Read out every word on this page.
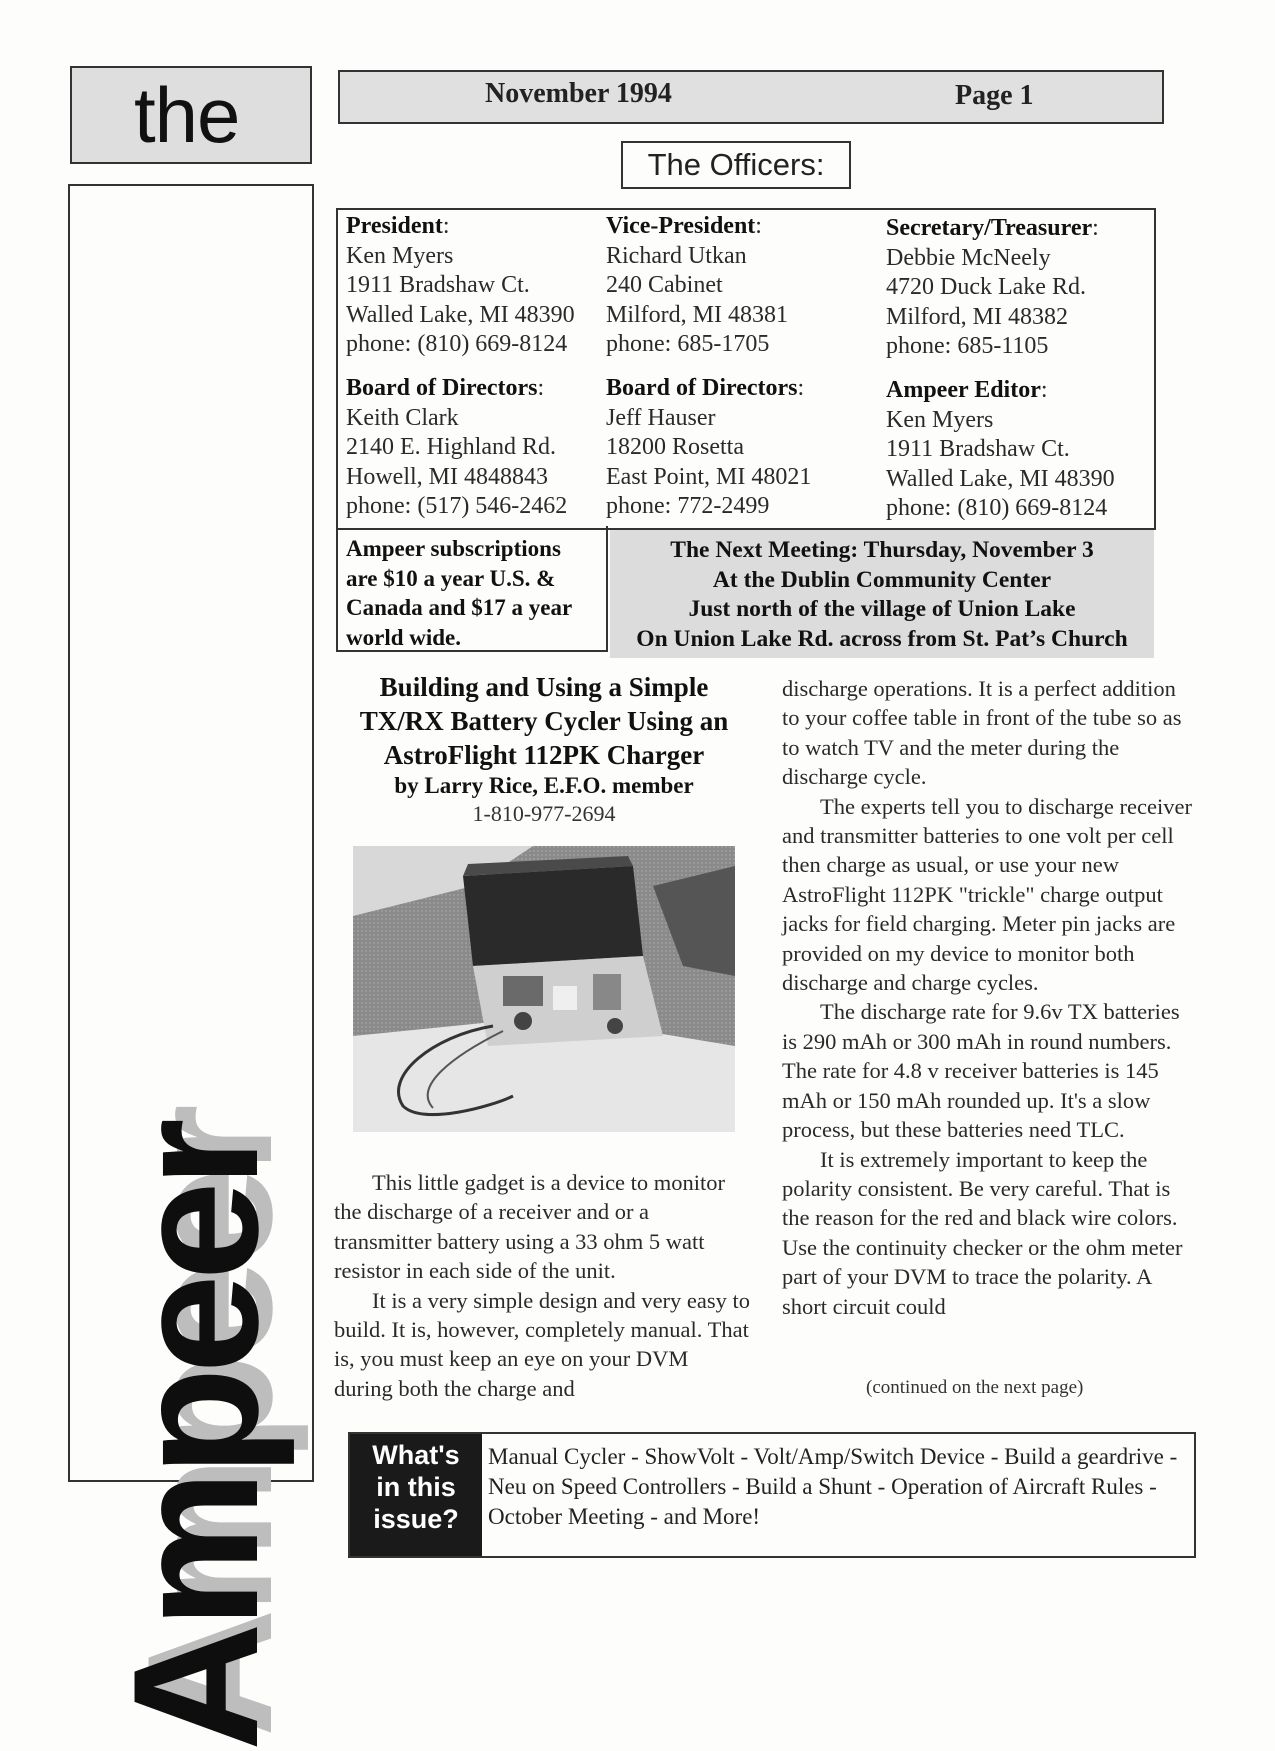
the
Ampeer
November 1994	Page 1
The Officers:
President:
Ken Myers
1911 Bradshaw Ct.
Walled Lake, MI 48390
phone: (810) 669-8124
Vice-President:
Richard Utkan
240 Cabinet
Milford, MI 48381
phone: 685-1705
Secretary/Treasurer:
Debbie McNeely
4720 Duck Lake Rd.
Milford, MI 48382
phone: 685-1105
Board of Directors:
Keith Clark
2140 E. Highland Rd.
Howell, MI 4848843
phone: (517) 546-2462
Board of Directors:
Jeff Hauser
18200 Rosetta
East Point, MI 48021
phone: 772-2499
Ampeer Editor:
Ken Myers
1911 Bradshaw Ct.
Walled Lake, MI 48390
phone: (810) 669-8124
Ampeer subscriptions
are $10 a year U.S. &
Canada and $17 a year
world wide.
The Next Meeting: Thursday, November 3
At the Dublin Community Center
Just north of the village of Union Lake
On Union Lake Rd. across from St. Pat’s Church
Building and Using a Simple
TX/RX Battery Cycler Using an
AstroFlight 112PK Charger
by Larry Rice, E.F.O. member
1-810-977-2694

This little gadget is a device to monitor the discharge of a receiver and or a transmitter battery using a 33 ohm 5 watt resistor in each side of the unit.

It is a very simple design and very easy to build. It is, however, completely manual. That is, you must keep an eye on your DVM during both the charge and

discharge operations. It is a perfect addition to your coffee table in front of the tube so as to watch TV and the meter during the discharge cycle.

The experts tell you to discharge receiver and transmitter batteries to one volt per cell then charge as usual, or use your new AstroFlight 112PK "trickle" charge output jacks for field charging. Meter pin jacks are provided on my device to monitor both discharge and charge cycles.

The discharge rate for 9.6v TX batteries is 290 mAh or 300 mAh in round numbers. The rate for 4.8 v receiver batteries is 145 mAh or 150 mAh rounded up. It's a slow process, but these batteries need TLC.

It is extremely important to keep the polarity consistent. Be very careful. That is the reason for the red and black wire colors. Use the continuity checker or the ohm meter part of your DVM to trace the polarity. A short circuit could

(continued on the next page)
What's
in this
issue?
Manual Cycler - ShowVolt - Volt/Amp/Switch Device - Build a geardrive - Neu on Speed Controllers - Build a Shunt - Operation of Aircraft Rules - October Meeting - and More!
